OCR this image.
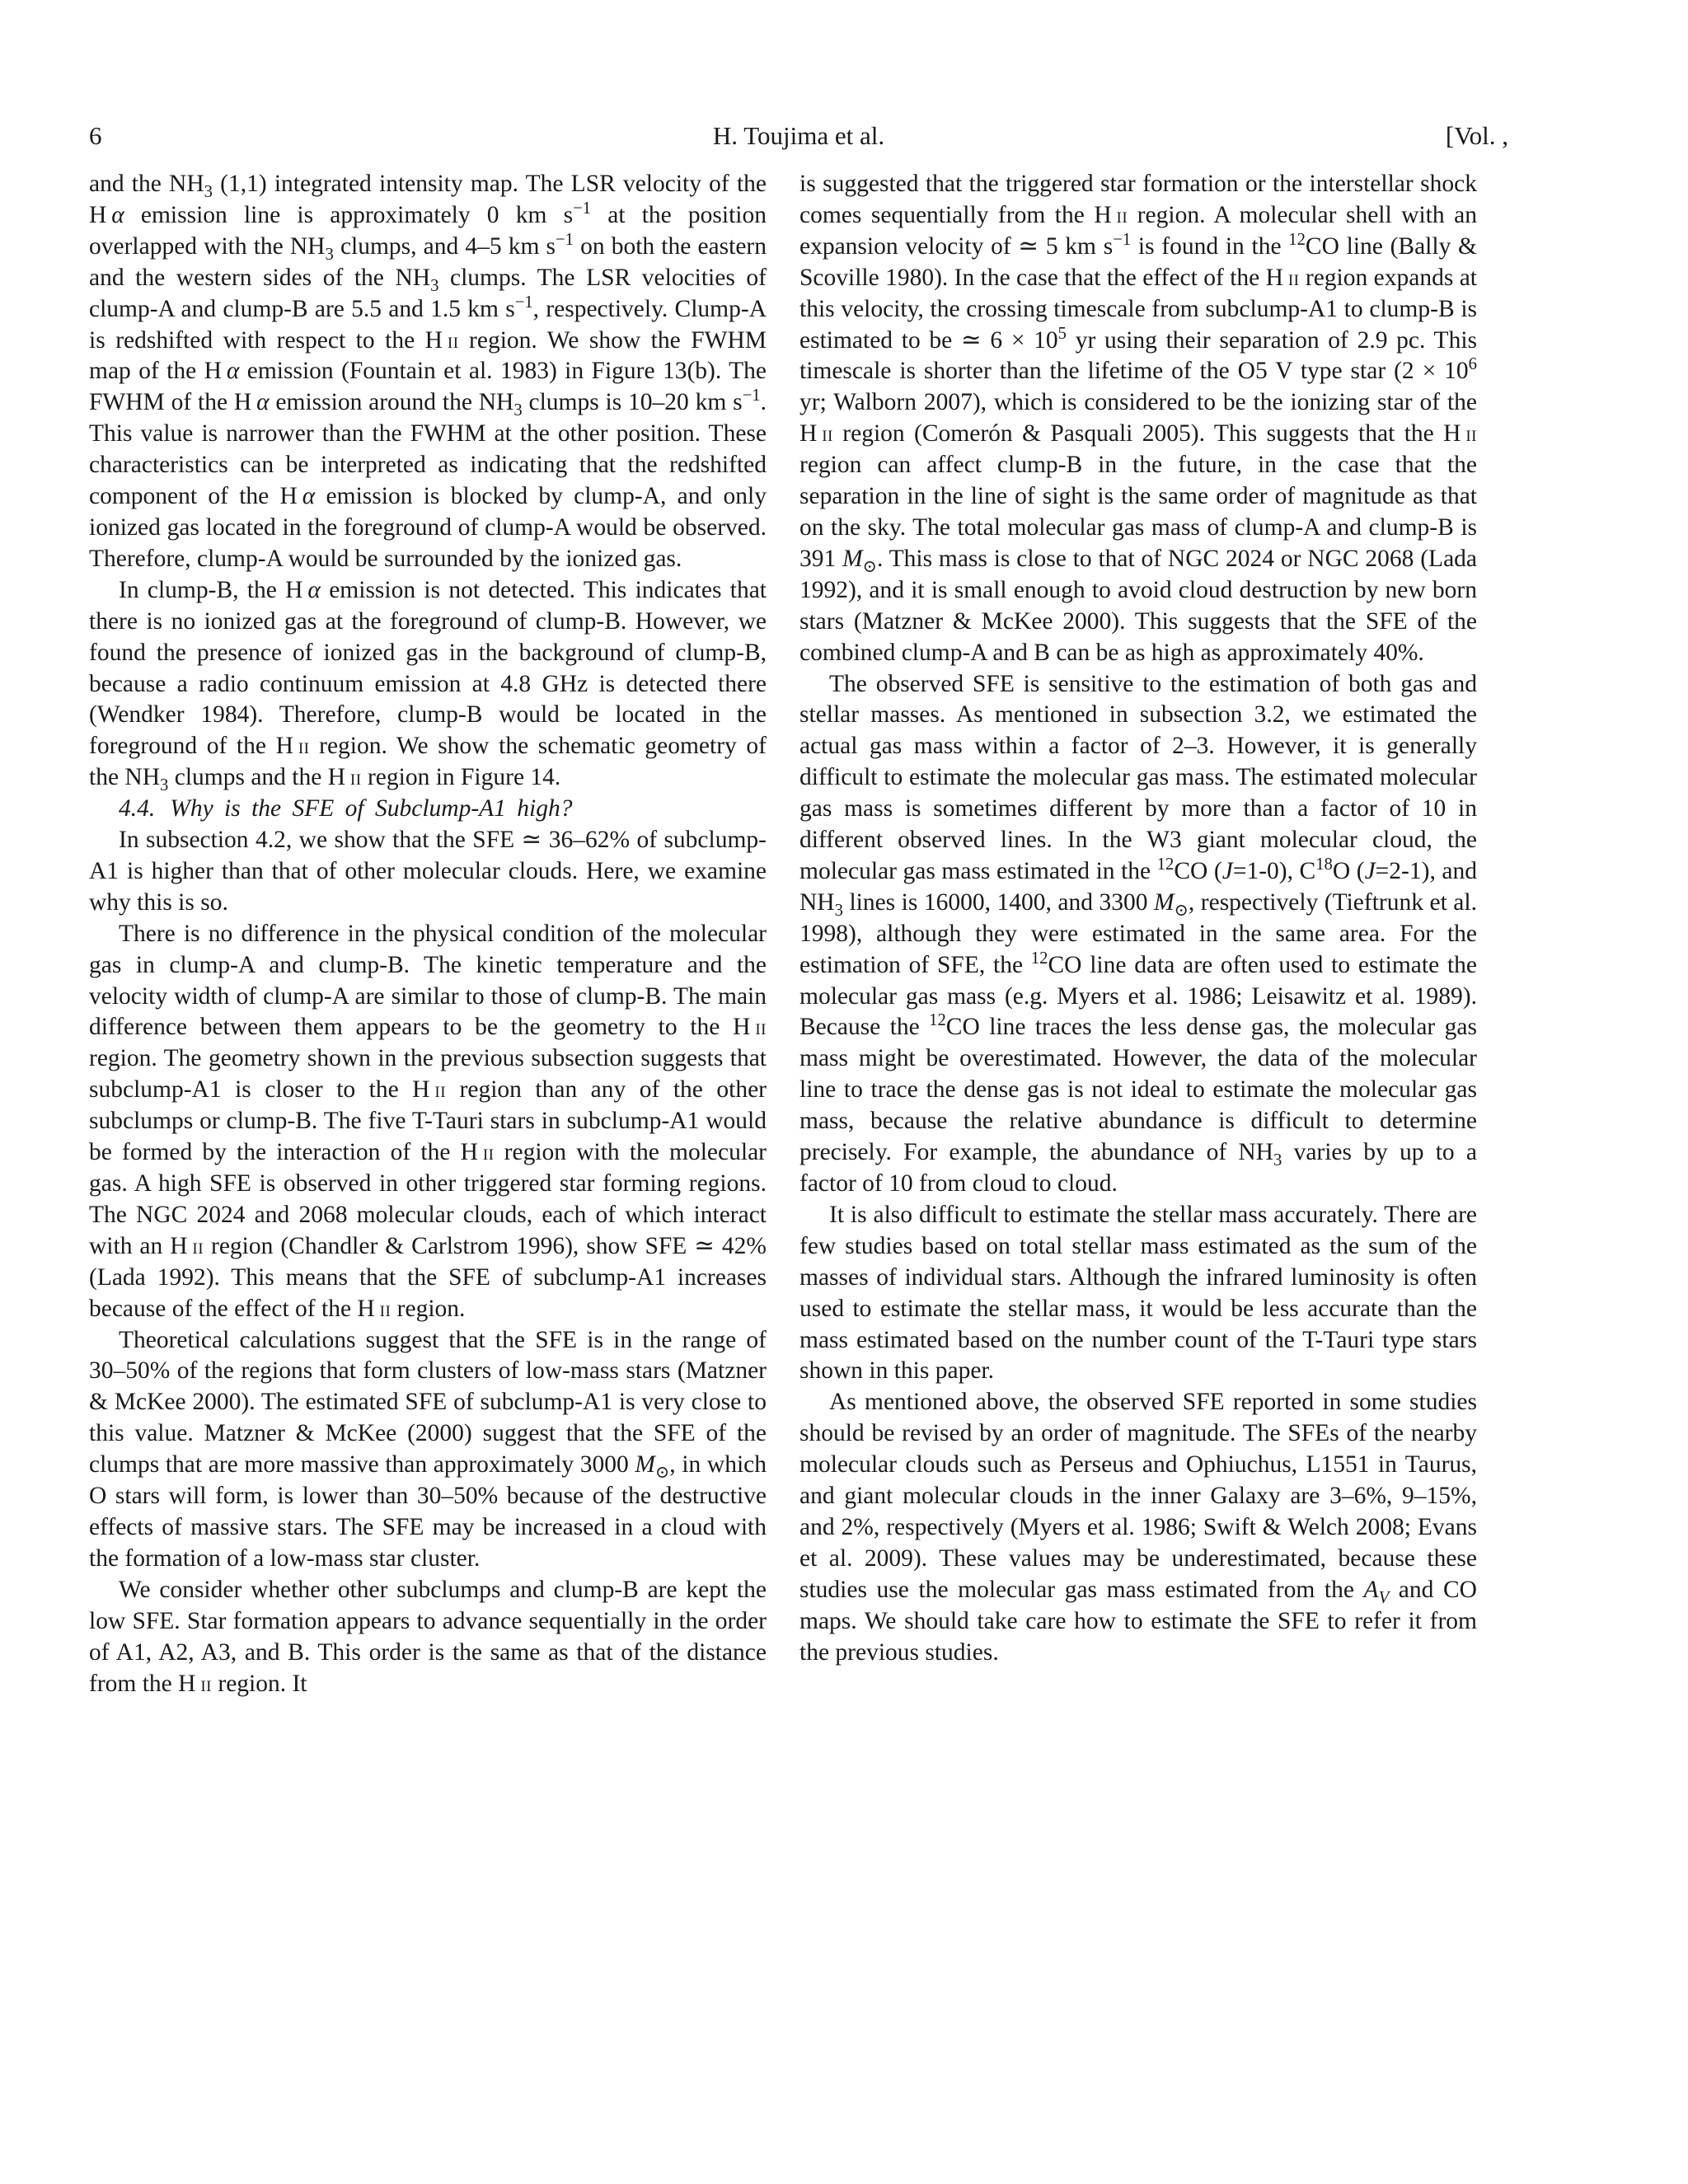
6	H. Toujima et al.	[Vol. ,

and the $NH_3$ (1,1) integrated intensity map. The LSR velocity of the H α emission line is approximately 0 km $s^{-1}$ at the position overlapped with the $NH_3$ clumps, and 4–5 km $s^{-1}$ on both the eastern and the western sides of the $NH_3$ clumps. The LSR velocities of clump-A and clump-B are 5.5 and 1.5 km $s^{-1}$, respectively. Clump-A is redshifted with respect to the H ii region. We show the FWHM map of the H α emission (Fountain et al. 1983) in Figure 13(b). The FWHM of the H α emission around the $NH_3$ clumps is 10–20 km $s^{-1}$. This value is narrower than the FWHM at the other position. These characteristics can be interpreted as indicating that the redshifted component of the H α emission is blocked by clump-A, and only ionized gas located in the foreground of clump-A would be observed. Therefore, clump-A would be surrounded by the ionized gas.

In clump-B, the H α emission is not detected. This indicates that there is no ionized gas at the foreground of clump-B. However, we found the presence of ionized gas in the background of clump-B, because a radio continuum emission at 4.8 GHz is detected there (Wendker 1984). Therefore, clump-B would be located in the foreground of the H ii region. We show the schematic geometry of the $NH_3$ clumps and the H ii region in Figure 14.

4.4. Why is the SFE of Subclump-A1 high?

In subsection 4.2, we show that the SFE ≃ 36–62% of subclump-A1 is higher than that of other molecular clouds. Here, we examine why this is so.

There is no difference in the physical condition of the molecular gas in clump-A and clump-B. The kinetic temperature and the velocity width of clump-A are similar to those of clump-B. The main difference between them appears to be the geometry to the H ii region. The geometry shown in the previous subsection suggests that subclump-A1 is closer to the H ii region than any of the other subclumps or clump-B. The five T-Tauri stars in subclump-A1 would be formed by the interaction of the H ii region with the molecular gas. A high SFE is observed in other triggered star forming regions. The NGC 2024 and 2068 molecular clouds, each of which interact with an H ii region (Chandler & Carlstrom 1996), show SFE ≃ 42% (Lada 1992). This means that the SFE of subclump-A1 increases because of the effect of the H ii region.

Theoretical calculations suggest that the SFE is in the range of 30–50% of the regions that form clusters of low-mass stars (Matzner & McKee 2000). The estimated SFE of subclump-A1 is very close to this value. Matzner & McKee (2000) suggest that the SFE of the clumps that are more massive than approximately 3000 $M_⊙$, in which O stars will form, is lower than 30–50% because of the destructive effects of massive stars. The SFE may be increased in a cloud with the formation of a low-mass star cluster.

We consider whether other subclumps and clump-B are kept the low SFE. Star formation appears to advance sequentially in the order of A1, A2, A3, and B. This order is the same as that of the distance from the H ii region. It

is suggested that the triggered star formation or the interstellar shock comes sequentially from the H ii region. A molecular shell with an expansion velocity of ≃ 5 km $s^{-1}$ is found in the $^{12}$CO line (Bally & Scoville 1980). In the case that the effect of the H ii region expands at this velocity, the crossing timescale from subclump-A1 to clump-B is estimated to be ≃ $6 \times 10^5$ yr using their separation of 2.9 pc. This timescale is shorter than the lifetime of the O5 V type star ($2 \times 10^6$ yr; Walborn 2007), which is considered to be the ionizing star of the H ii region (Comerón & Pasquali 2005). This suggests that the H ii region can affect clump-B in the future, in the case that the separation in the line of sight is the same order of magnitude as that on the sky. The total molecular gas mass of clump-A and clump-B is 391 $M_⊙$. This mass is close to that of NGC 2024 or NGC 2068 (Lada 1992), and it is small enough to avoid cloud destruction by new born stars (Matzner & McKee 2000). This suggests that the SFE of the combined clump-A and B can be as high as approximately 40%.

The observed SFE is sensitive to the estimation of both gas and stellar masses. As mentioned in subsection 3.2, we estimated the actual gas mass within a factor of 2–3. However, it is generally difficult to estimate the molecular gas mass. The estimated molecular gas mass is sometimes different by more than a factor of 10 in different observed lines. In the W3 giant molecular cloud, the molecular gas mass estimated in the $^{12}$CO (J=1-0), $C^{18}O$ (J=2-1), and $NH_3$ lines is 16000, 1400, and 3300 $M_⊙$, respectively (Tieftrunk et al. 1998), although they were estimated in the same area. For the estimation of SFE, the $^{12}$CO line data are often used to estimate the molecular gas mass (e.g. Myers et al. 1986; Leisawitz et al. 1989). Because the $^{12}$CO line traces the less dense gas, the molecular gas mass might be overestimated. However, the data of the molecular line to trace the dense gas is not ideal to estimate the molecular gas mass, because the relative abundance is difficult to determine precisely. For example, the abundance of $NH_3$ varies by up to a factor of 10 from cloud to cloud.

It is also difficult to estimate the stellar mass accurately. There are few studies based on total stellar mass estimated as the sum of the masses of individual stars. Although the infrared luminosity is often used to estimate the stellar mass, it would be less accurate than the mass estimated based on the number count of the T-Tauri type stars shown in this paper.

As mentioned above, the observed SFE reported in some studies should be revised by an order of magnitude. The SFEs of the nearby molecular clouds such as Perseus and Ophiuchus, L1551 in Taurus, and giant molecular clouds in the inner Galaxy are 3–6%, 9–15%, and 2%, respectively (Myers et al. 1986; Swift & Welch 2008; Evans et al. 2009). These values may be underestimated, because these studies use the molecular gas mass estimated from the $A_V$ and CO maps. We should take care how to estimate the SFE to refer it from the previous studies.
